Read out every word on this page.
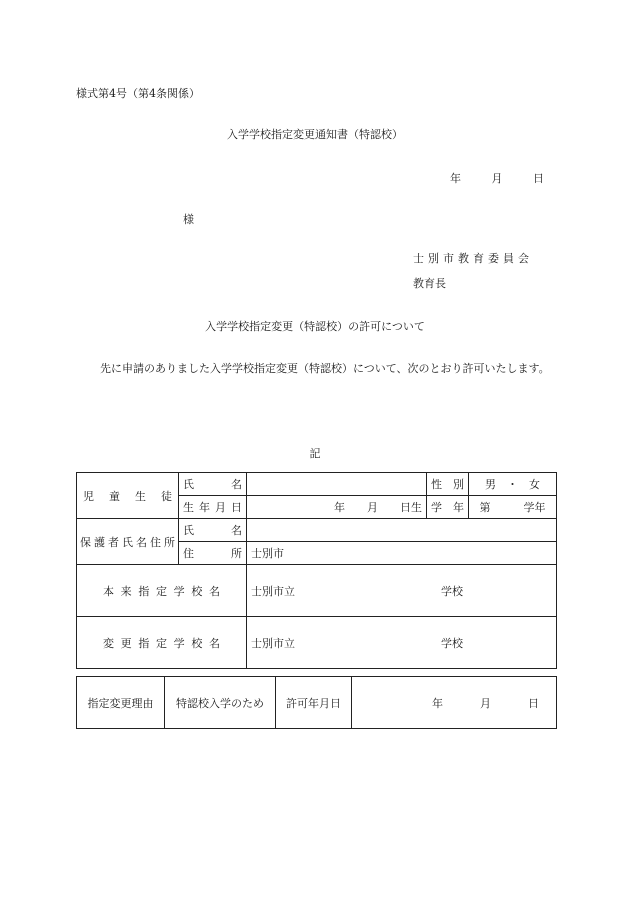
様式第4号（第4条関係）
入学学校指定変更通知書（特認校）
年	月	日
様
士別市教育委員会
教育長
入学学校指定変更（特認校）の許可について
先に申請のありました入学学校指定変更（特認校）について、次のとおり許可いたします。
記
児 童 生 徒	氏名		性別	男　・　女
	生年月日	年　　月　　日生	学年	第　　　学年
保護者氏名住所	氏名			
	住所	士別市		
本来指定学校名		士別市立 学校		
変更指定学校名		士別市立 学校		
指定変更理由	特認校入学のため	許可年月日	年	月	日
